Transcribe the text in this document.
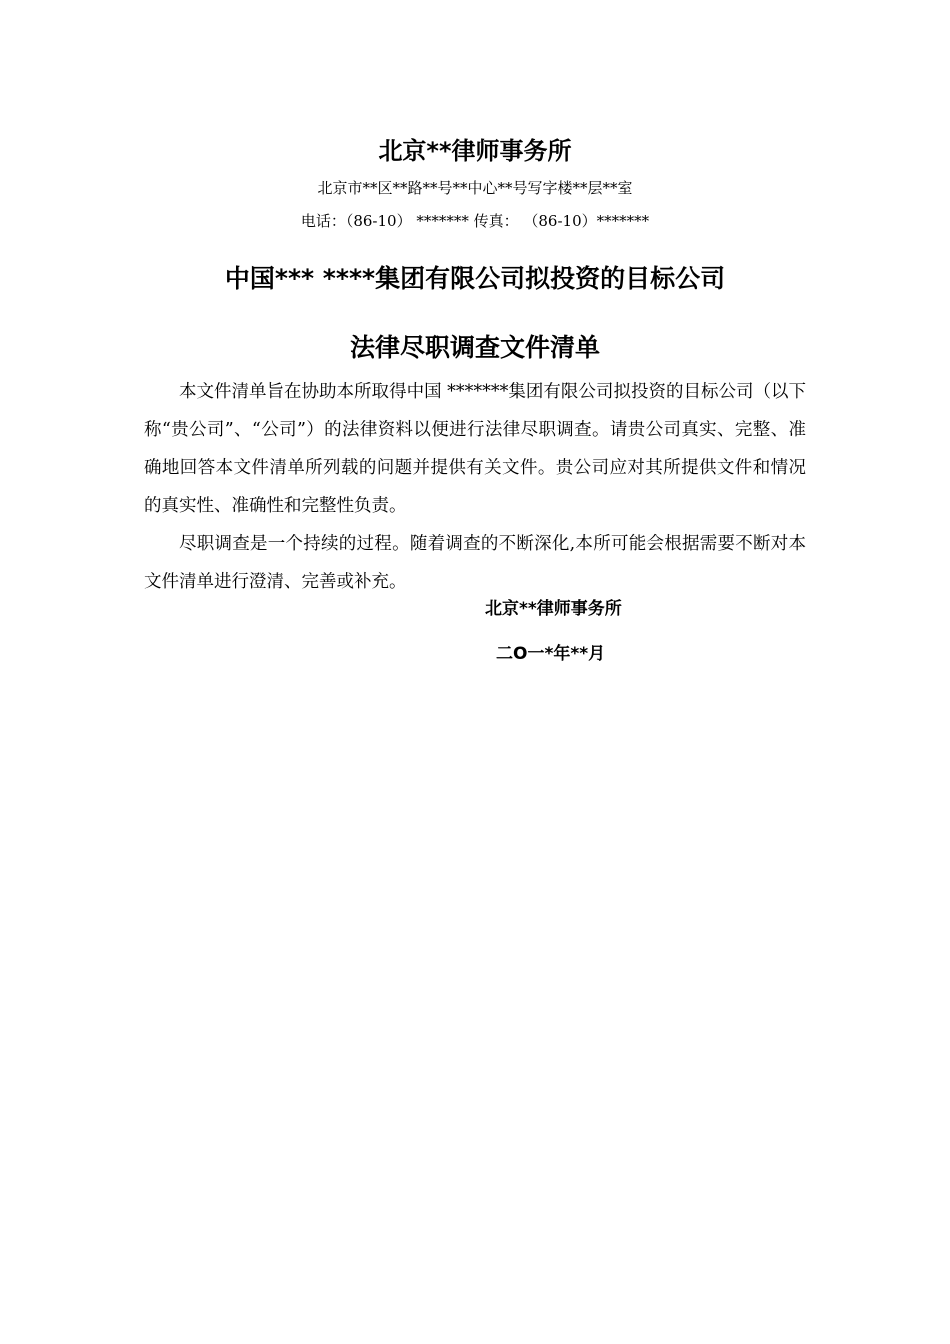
北京**律师事务所
北京市**区**路**号**中心**号写字楼**层**室
电话：（86-10） ******* 传真： （86-10）*******
中国*** ****集团有限公司拟投资的目标公司
法律尽职调查文件清单

本文件清单旨在协助本所取得中国 *******集团有限公司拟投资的目标公司（以下称“贵公司”、“公司”）的法律资料以便进行法律尽职调查。请贵公司真实、完整、准确地回答本文件清单所列载的问题并提供有关文件。贵公司应对其所提供文件和情况的真实性、准确性和完整性负责。

尽职调查是一个持续的过程。随着调查的不断深化,本所可能会根据需要不断对本文件清单进行澄清、完善或补充。

北京**律师事务所
二O一*年**月
